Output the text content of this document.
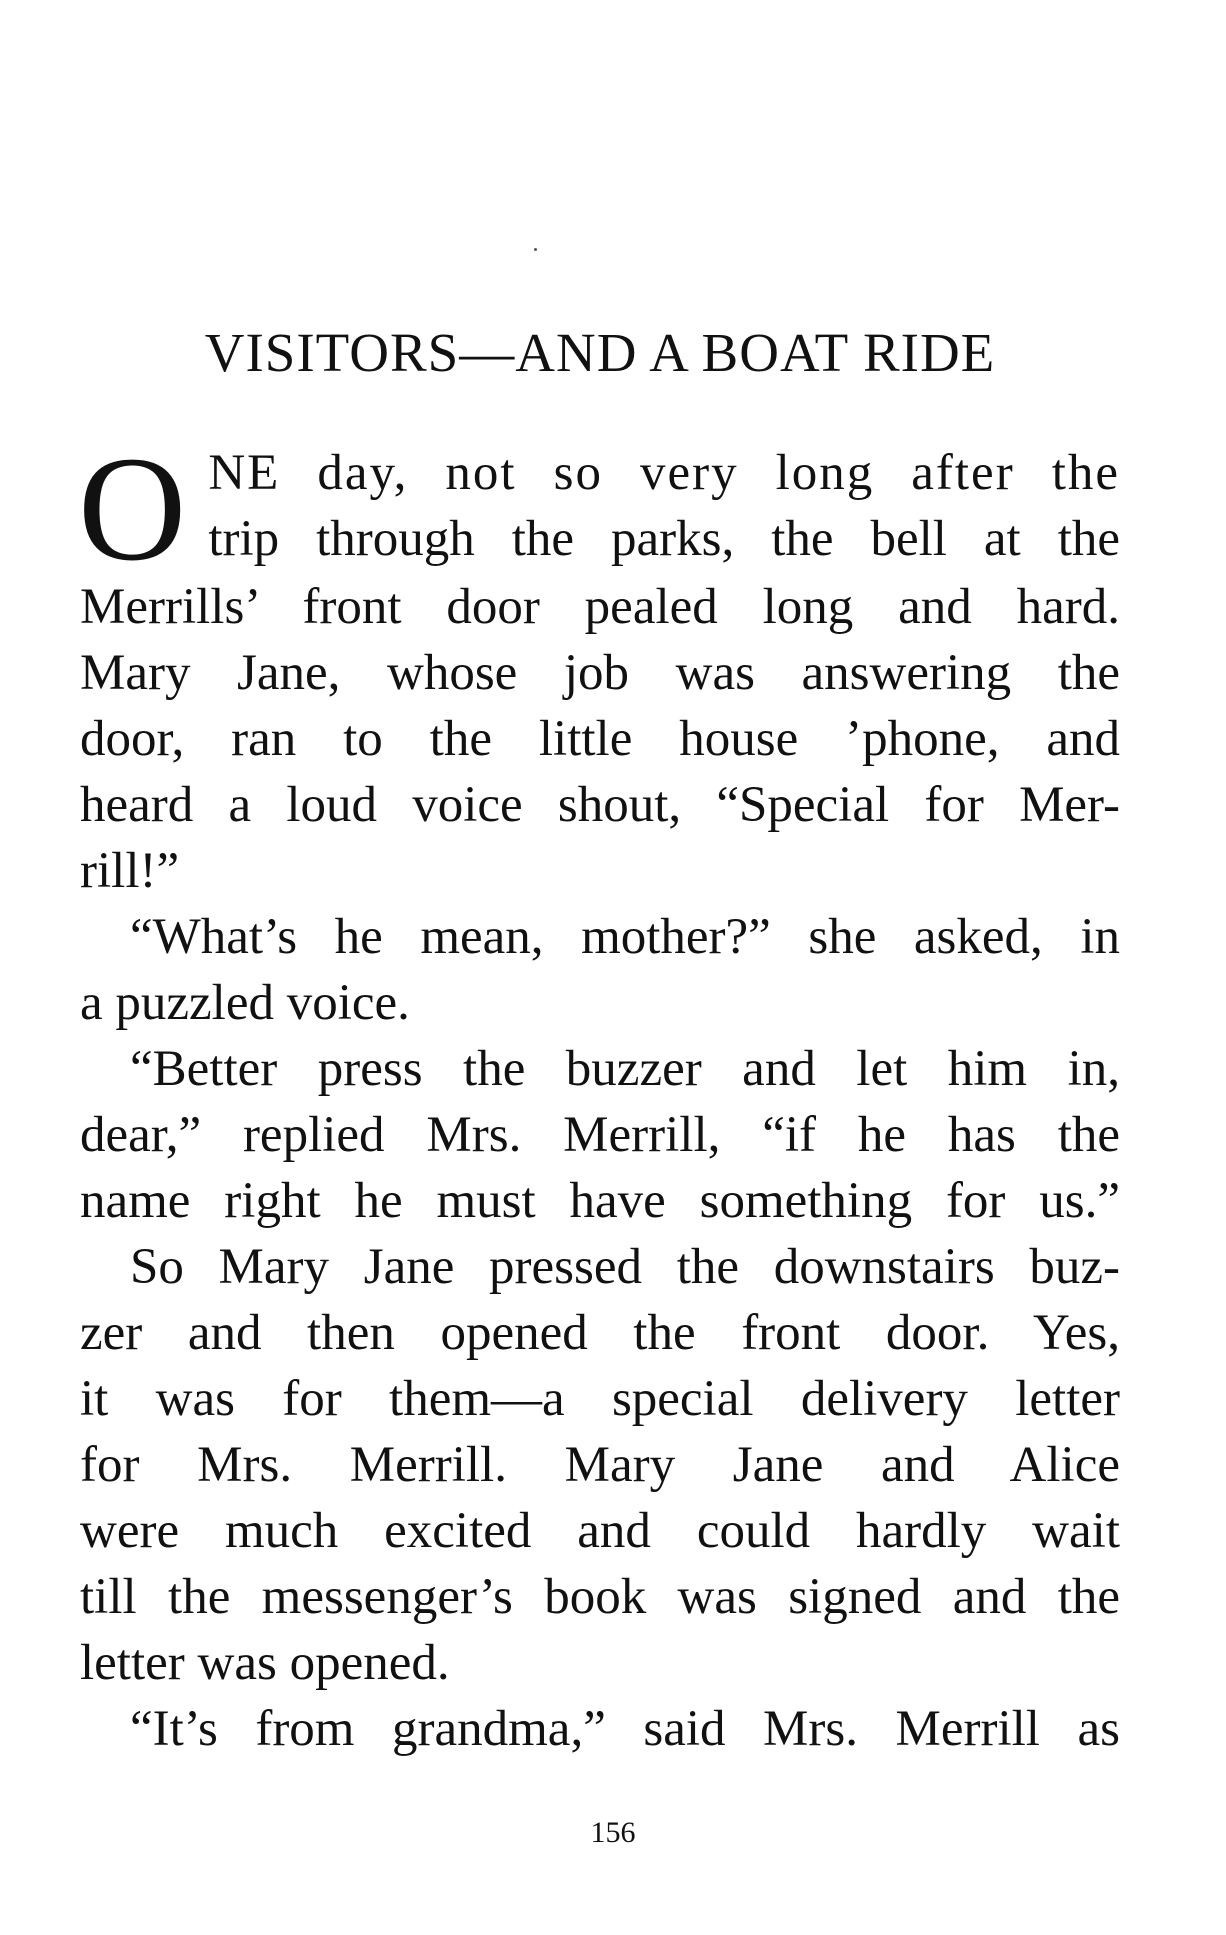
VISITORS—AND A BOAT RIDE
O NE day, not so very long after the
trip through the parks, the bell at the
Merrills’ front door pealed long and hard.
Mary Jane, whose job was answering the
door, ran to the little house ’phone, and
heard a loud voice shout, “Special for Mer-
rill!”
“What’s he mean, mother?” she asked, in
a puzzled voice.
“Better press the buzzer and let him in,
dear,” replied Mrs. Merrill, “if he has the
name right he must have something for us.”
So Mary Jane pressed the downstairs buz-
zer and then opened the front door. Yes,
it was for them—a special delivery letter
for Mrs. Merrill. Mary Jane and Alice
were much excited and could hardly wait
till the messenger’s book was signed and the
letter was opened.
“It’s from grandma,” said Mrs. Merrill as
156
